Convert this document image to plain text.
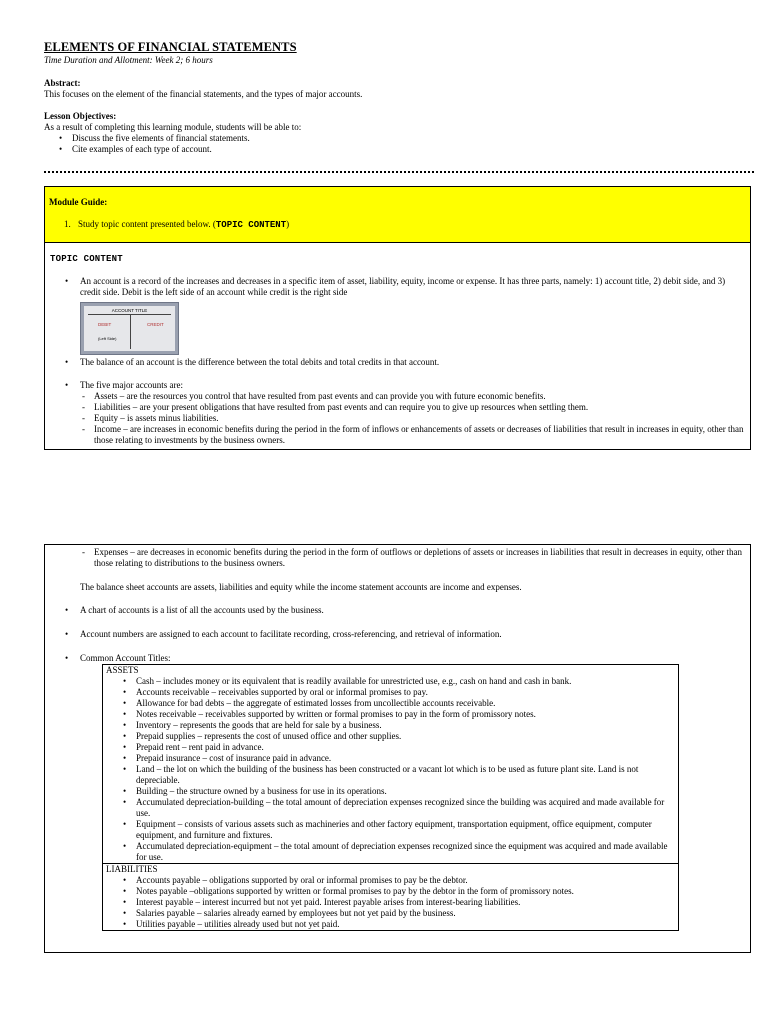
ELEMENTS OF FINANCIAL STATEMENTS
Time Duration and Allotment: Week 2; 6 hours
Abstract:
This focuses on the element of the financial statements, and the types of major accounts.
Lesson Objectives:
As a result of completing this learning module, students will be able to:
• Discuss the five elements of financial statements.
• Cite examples of each type of account.
Module Guide:
1. Study topic content presented below. (TOPIC CONTENT)
TOPIC CONTENT
• An account is a record of the increases and decreases in a specific item of asset, liability, equity, income or expense. It has three parts, namely: 1) account title, 2) debit side, and 3) credit side. Debit is the left side of an account while credit is the right side
ACCOUNT TITLE
DEBIT	CREDIT
(Left Side)
• The balance of an account is the difference between the total debits and total credits in that account.
• The five major accounts are:
- Assets – are the resources you control that have resulted from past events and can provide you with future economic benefits.
- Liabilities – are your present obligations that have resulted from past events and can require you to give up resources when settling them.
- Equity – is assets minus liabilities.
- Income – are increases in economic benefits during the period in the form of inflows or enhancements of assets or decreases of liabilities that result in increases in equity, other than those relating to investments by the business owners.
- Expenses – are decreases in economic benefits during the period in the form of outflows or depletions of assets or increases in liabilities that result in decreases in equity, other than those relating to distributions to the business owners.
The balance sheet accounts are assets, liabilities and equity while the income statement accounts are income and expenses.
• A chart of accounts is a list of all the accounts used by the business.
• Account numbers are assigned to each account to facilitate recording, cross-referencing, and retrieval of information.
• Common Account Titles:
ASSETS
• Cash – includes money or its equivalent that is readily available for unrestricted use, e.g., cash on hand and cash in bank.
• Accounts receivable – receivables supported by oral or informal promises to pay.
• Allowance for bad debts – the aggregate of estimated losses from uncollectible accounts receivable.
• Notes receivable – receivables supported by written or formal promises to pay in the form of promissory notes.
• Inventory – represents the goods that are held for sale by a business.
• Prepaid supplies – represents the cost of unused office and other supplies.
• Prepaid rent – rent paid in advance.
• Prepaid insurance – cost of insurance paid in advance.
• Land – the lot on which the building of the business has been constructed or a vacant lot which is to be used as future plant site. Land is not depreciable.
• Building – the structure owned by a business for use in its operations.
• Accumulated depreciation-building – the total amount of depreciation expenses recognized since the building was acquired and made available for use.
• Equipment – consists of various assets such as machineries and other factory equipment, transportation equipment, office equipment, computer equipment, and furniture and fixtures.
• Accumulated depreciation-equipment – the total amount of depreciation expenses recognized since the equipment was acquired and made available for use.

LIABILITIES
• Accounts payable – obligations supported by oral or informal promises to pay be the debtor.
• Notes payable –obligations supported by written or formal promises to pay by the debtor in the form of promissory notes.
• Interest payable – interest incurred but not yet paid. Interest payable arises from interest-bearing liabilities.
• Salaries payable – salaries already earned by employees but not yet paid by the business.
• Utilities payable – utilities already used but not yet paid.
